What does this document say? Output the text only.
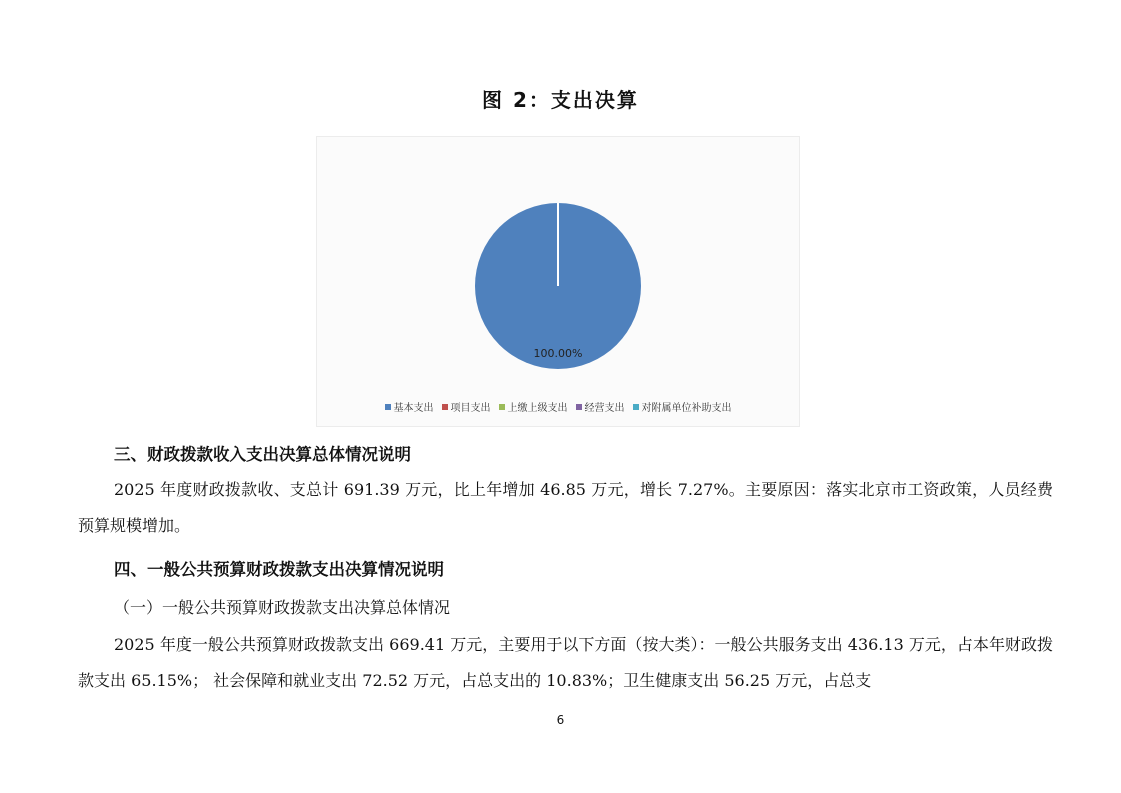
图 2：支出决算
100.00%
基本支出 项目支出 上缴上级支出 经营支出 对附属单位补助支出
三、财政拨款收入支出决算总体情况说明
2025 年度财政拨款收、支总计 691.39 万元，比上年增加 46.85 万元，增长 7.27%。主要原因：落实北京市工资政策，人员经费预算规模增加。
四、一般公共预算财政拨款支出决算情况说明
（一）一般公共预算财政拨款支出决算总体情况
2025 年度一般公共预算财政拨款支出 669.41 万元，主要用于以下方面（按大类）：一般公共服务支出 436.13 万元，占本年财政拨款支出 65.15%； 社会保障和就业支出 72.52 万元，占总支出的 10.83%；卫生健康支出 56.25 万元，占总支
6
